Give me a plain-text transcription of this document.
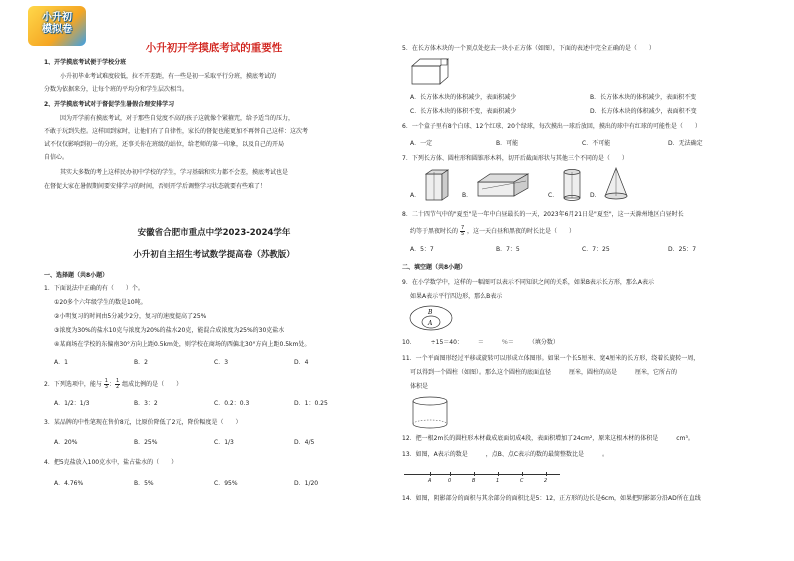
小升初
模拟卷
小升初开学摸底考试的重要性
1、开学摸底考试便于学校分班
小升初毕业考试难度较低，拉不开差距，有一些是初一采取平行分班，摸底考试的
分数为依据来分，让每个班的平均分和学生层次相当。
2、开学摸底考试对于督促学生暑假合理安排学习
因为开学前有摸底考试，对于那些自觉度不高的孩子这就像个紧箍咒，给予适当的压力，
不敢于玩到失控。这样回到家时，让他们有了自律性，家长的督促也能更加不再替自己这样：这次考
试不仅仅影响到初一的分班，还事关你在班级的站位，给老师的第一印象，以及自己的开局
自信心。
其实大多数的考上这样民办初中学校的学生，学习基础和实力都不会差，摸底考试也是
在督促大家在暑假期间要安排学习的时间，否则开学后调整学习状态就要有些难了！
安徽省合肥市重点中学2023-2024学年
小升初自主招生考试数学提高卷（苏教版）
一、选择题（共8小题）
1．下面说法中正确的有（　　）个。
①20多个六年级学生的数是10吨。
②小明复习的时间由5分减少2分，复习的速度提高了25%
③浓度为30%的盐水10克与浓度为20%的盐水20克，能混合成浓度为25%的30克盐水
④某商场在学校的东偏南30°方向上距0.5km处，则学校在商场的西偏北30°方向上距0.5km处。
A．1	B．2	C．3	D．4
2．下列选项中，能与 $\frac{1}{3}$ ： $\frac{1}{2}$ 组成比例的是（　　）
A．1/2：1/3	B．3：2	C．0.2：0.3	D．1：0.25
3．某品牌的中性笔现在售价8元，比原价降低了2元，降价幅度是（　　）
A．20%	B．25%	C．1/3	D．4/5
4．把5克盐放入100克水中，盐占盐水的（　　）
A．4.76%	B．5%	C．95%	D．1/20
5．在长方体木块的一个顶点处挖去一块小正方体（如图），下面的表述中完全正确的是（　　）
A．长方体木块的体积减少，表面积减少	B．长方体木块的体积减少，表面积不变
C．长方体木块的体积不变，表面积减少	D．长方体木块的体积减少，表面积不变
6．一个盒子里有8个白球、12个红球、20个绿球，每次摸出一球后放回，摸出的球中有红球的可能性是（　　）
A．一定	B．可能	C．不可能	D．无法确定
7．下列长方体、圆柱形和圆锥形木料，切开后截面形状与其他三个不同的是（　　）
A．	B．	C．	D．
8．二十四节气中的"夏至"是一年中白昼最长的一天，2023年6月21日是"夏至"，这一天滁州地区白昼时长
约等于黑夜时长的 $\frac{7}{5}$ ，这一天白昼和黑夜的时长比是（　　）
A．5：7	B．7：5	C．7：25	D．25：7
二、填空题（共8小题）
9．在小学数学中，这样的一幅图可以表示不同知识之间的关系，如果B表示长方形，那么A表示
如果A表示平行四边形，那么B表示
B
A
10．　　　÷15＝40：　　　＝　　　％＝　　　（填分数）
11．一个平面图形经过平移或旋转可以形成立体图形。如果一个长5厘米、宽4厘米的长方形，绕着长旋转一周，
可以得到一个圆柱（如图）。那么这个圆柱的底面直径　　　厘米，圆柱的高是　　　厘米，它所占的
体积是　　　
12．把一根2m长的圆柱形木材截成底面切成4段，表面积增加了24cm²，原来这根木材的体积是　　　cm³。
13．如图，A表示的数是　　　，点B、点C表示的数的最简整数比是　　　。
A	0	B	1	C	2
14．如图，阴影部分的面积与其余部分的面积比是5：12，正方形的边长是6cm，如果把阴影部分沿AD所在直线
